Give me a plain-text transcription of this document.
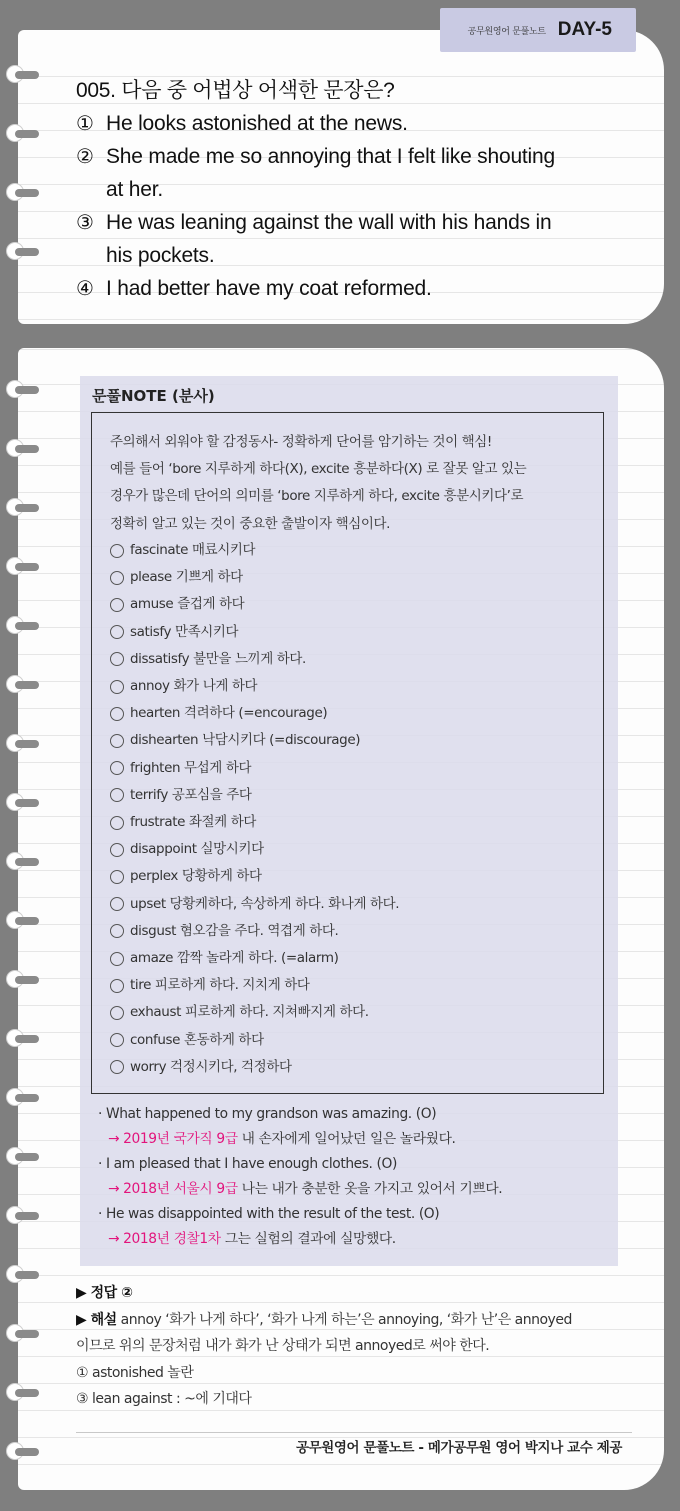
공무원영어 문풀노트 DAY-5
005. 다음 중 어법상 어색한 문장은?
① He looks astonished at the news.
② She made me so annoying that I felt like shouting
at her.
③ He was leaning against the wall with his hands in
his pockets.
④ I had better have my coat reformed.
문풀NOTE (분사)
주의해서 외워야 할 감정동사- 정확하게 단어를 암기하는 것이 핵심!
예를 들어 ‘bore 지루하게 하다(X), excite 흥분하다(X) 로 잘못 알고 있는
경우가 많은데 단어의 의미를 ‘bore 지루하게 하다, excite 흥분시키다’로
정확히 알고 있는 것이 중요한 출발이자 핵심이다.
fascinate 매료시키다
please 기쁘게 하다
amuse 즐겁게 하다
satisfy 만족시키다
dissatisfy 불만을 느끼게 하다.
annoy 화가 나게 하다
hearten 격려하다 (=encourage)
dishearten 낙담시키다 (=discourage)
frighten 무섭게 하다
terrify 공포심을 주다
frustrate 좌절케 하다
disappoint 실망시키다
perplex 당황하게 하다
upset 당황케하다, 속상하게 하다. 화나게 하다.
disgust 혐오감을 주다. 역겹게 하다.
amaze 깜짝 놀라게 하다. (=alarm)
tire 피로하게 하다. 지치게 하다
exhaust 피로하게 하다. 지쳐빠지게 하다.
confuse 혼동하게 하다
worry 걱정시키다, 걱정하다
· What happened to my grandson was amazing. (O)
→ 2019년 국가직 9급 내 손자에게 일어났던 일은 놀라웠다.
· I am pleased that I have enough clothes. (O)
→ 2018년 서울시 9급 나는 내가 충분한 옷을 가지고 있어서 기쁘다.
· He was disappointed with the result of the test. (O)
→ 2018년 경찰1차 그는 실험의 결과에 실망했다.
▶ 정답 ②
▶ 해설 annoy ‘화가 나게 하다’, ‘화가 나게 하는’은 annoying, ‘화가 난’은 annoyed
이므로 위의 문장처럼 내가 화가 난 상태가 되면 annoyed로 써야 한다.
① astonished 놀란
③ lean against : ~에 기대다
공무원영어 문풀노트 - 메가공무원 영어 박지나 교수 제공
